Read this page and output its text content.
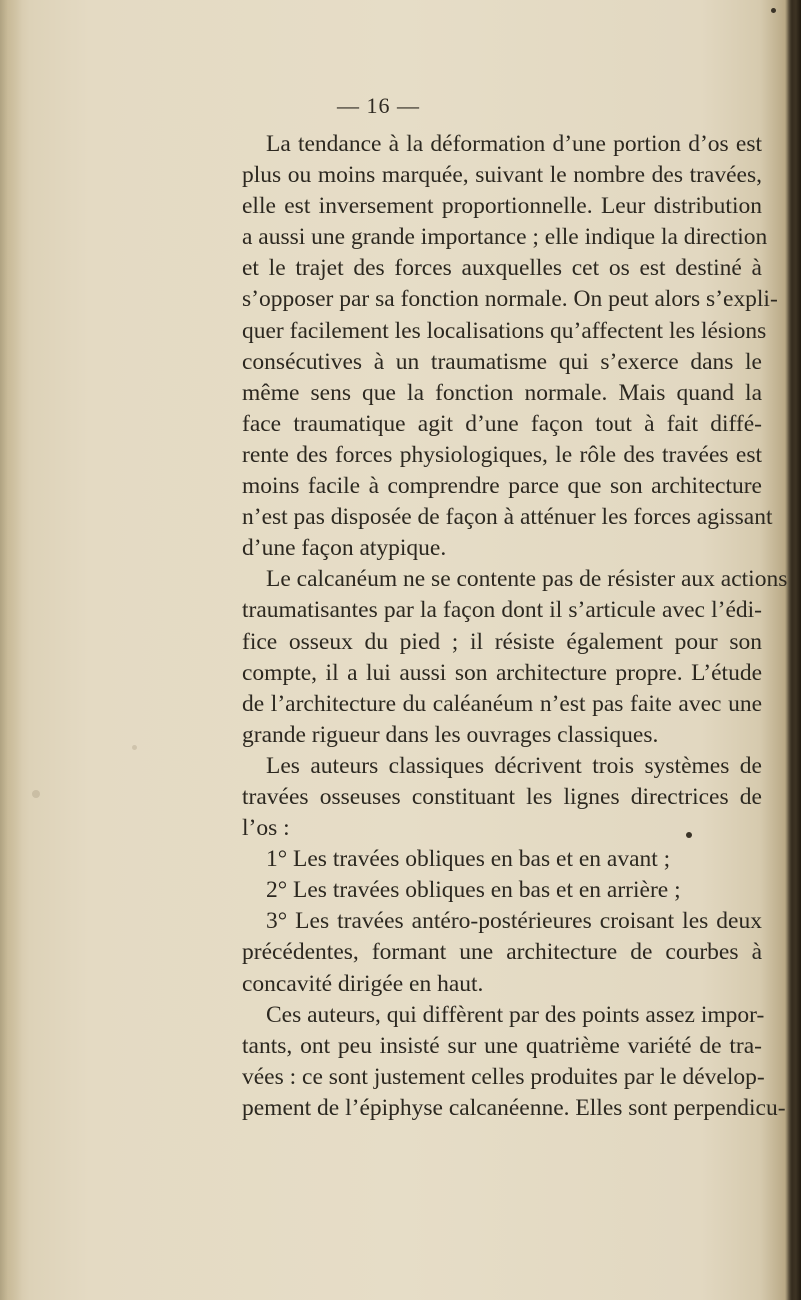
— 16 —
La tendance à la déformation d’une portion d’os est
plus ou moins marquée, suivant le nombre des travées,
elle est inversement proportionnelle. Leur distribution
a aussi une grande importance ; elle indique la direction
et le trajet des forces auxquelles cet os est destiné à
s’opposer par sa fonction normale. On peut alors s’expli-
quer facilement les localisations qu’affectent les lésions
consécutives à un traumatisme qui s’exerce dans le
même sens que la fonction normale. Mais quand la
face traumatique agit d’une façon tout à fait diffé-
rente des forces physiologiques, le rôle des travées est
moins facile à comprendre parce que son architecture
n’est pas disposée de façon à atténuer les forces agissant
d’une façon atypique.
Le calcanéum ne se contente pas de résister aux actions
traumatisantes par la façon dont il s’articule avec l’édi-
fice osseux du pied ; il résiste également pour son
compte, il a lui aussi son architecture propre. L’étude
de l’architecture du caléanéum n’est pas faite avec une
grande rigueur dans les ouvrages classiques.
Les auteurs classiques décrivent trois systèmes de
travées osseuses constituant les lignes directrices de
l’os :
1° Les travées obliques en bas et en avant ;
2° Les travées obliques en bas et en arrière ;
3° Les travées antéro-postérieures croisant les deux
précédentes, formant une architecture de courbes à
concavité dirigée en haut.
Ces auteurs, qui diffèrent par des points assez impor-
tants, ont peu insisté sur une quatrième variété de tra-
vées : ce sont justement celles produites par le dévelop-
pement de l’épiphyse calcanéenne. Elles sont perpendicu-
